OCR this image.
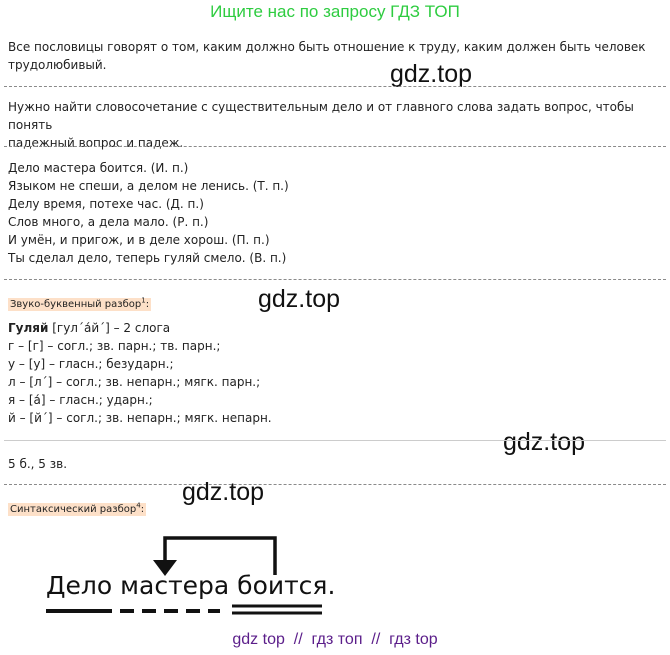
Ищите нас по запросу ГДЗ ТОП
Все пословицы говорят о том, каким должно быть отношение к труду, каким должен быть человек
трудолюбивый.	gdz.top
Нужно найти словосочетание с существительным дело и от главного слова задать вопрос, чтобы понять
падежный вопрос и падеж.
Дело мастера боится. (И. п.)
Языком не спеши, а делом не ленись. (Т. п.)
Делу время, потехе час. (Д. п.)
Слов много, а дела мало. (Р. п.)
И умён, и пригож, и в деле хорош. (П. п.)
Ты сделал дело, теперь гуляй смело. (В. п.)
Звуко-буквенный разбор$^1$:	gdz.top
Гуляй [гул´а́й´] – 2 слога
г – [г] – согл.; зв. парн.; тв. парн.;
у – [у] – гласн.; безударн.;
л – [л´] – согл.; зв. непарн.; мягк. парн.;
я – [а́] – гласн.; ударн.;
й – [й´] – согл.; зв. непарн.; мягк. непарн.
gdz.top
5 б., 5 зв.
gdz.top
Синтаксический разбор$^4$:
Дело мастера боится.
gdz top  //  гдз топ  //  гдз top
